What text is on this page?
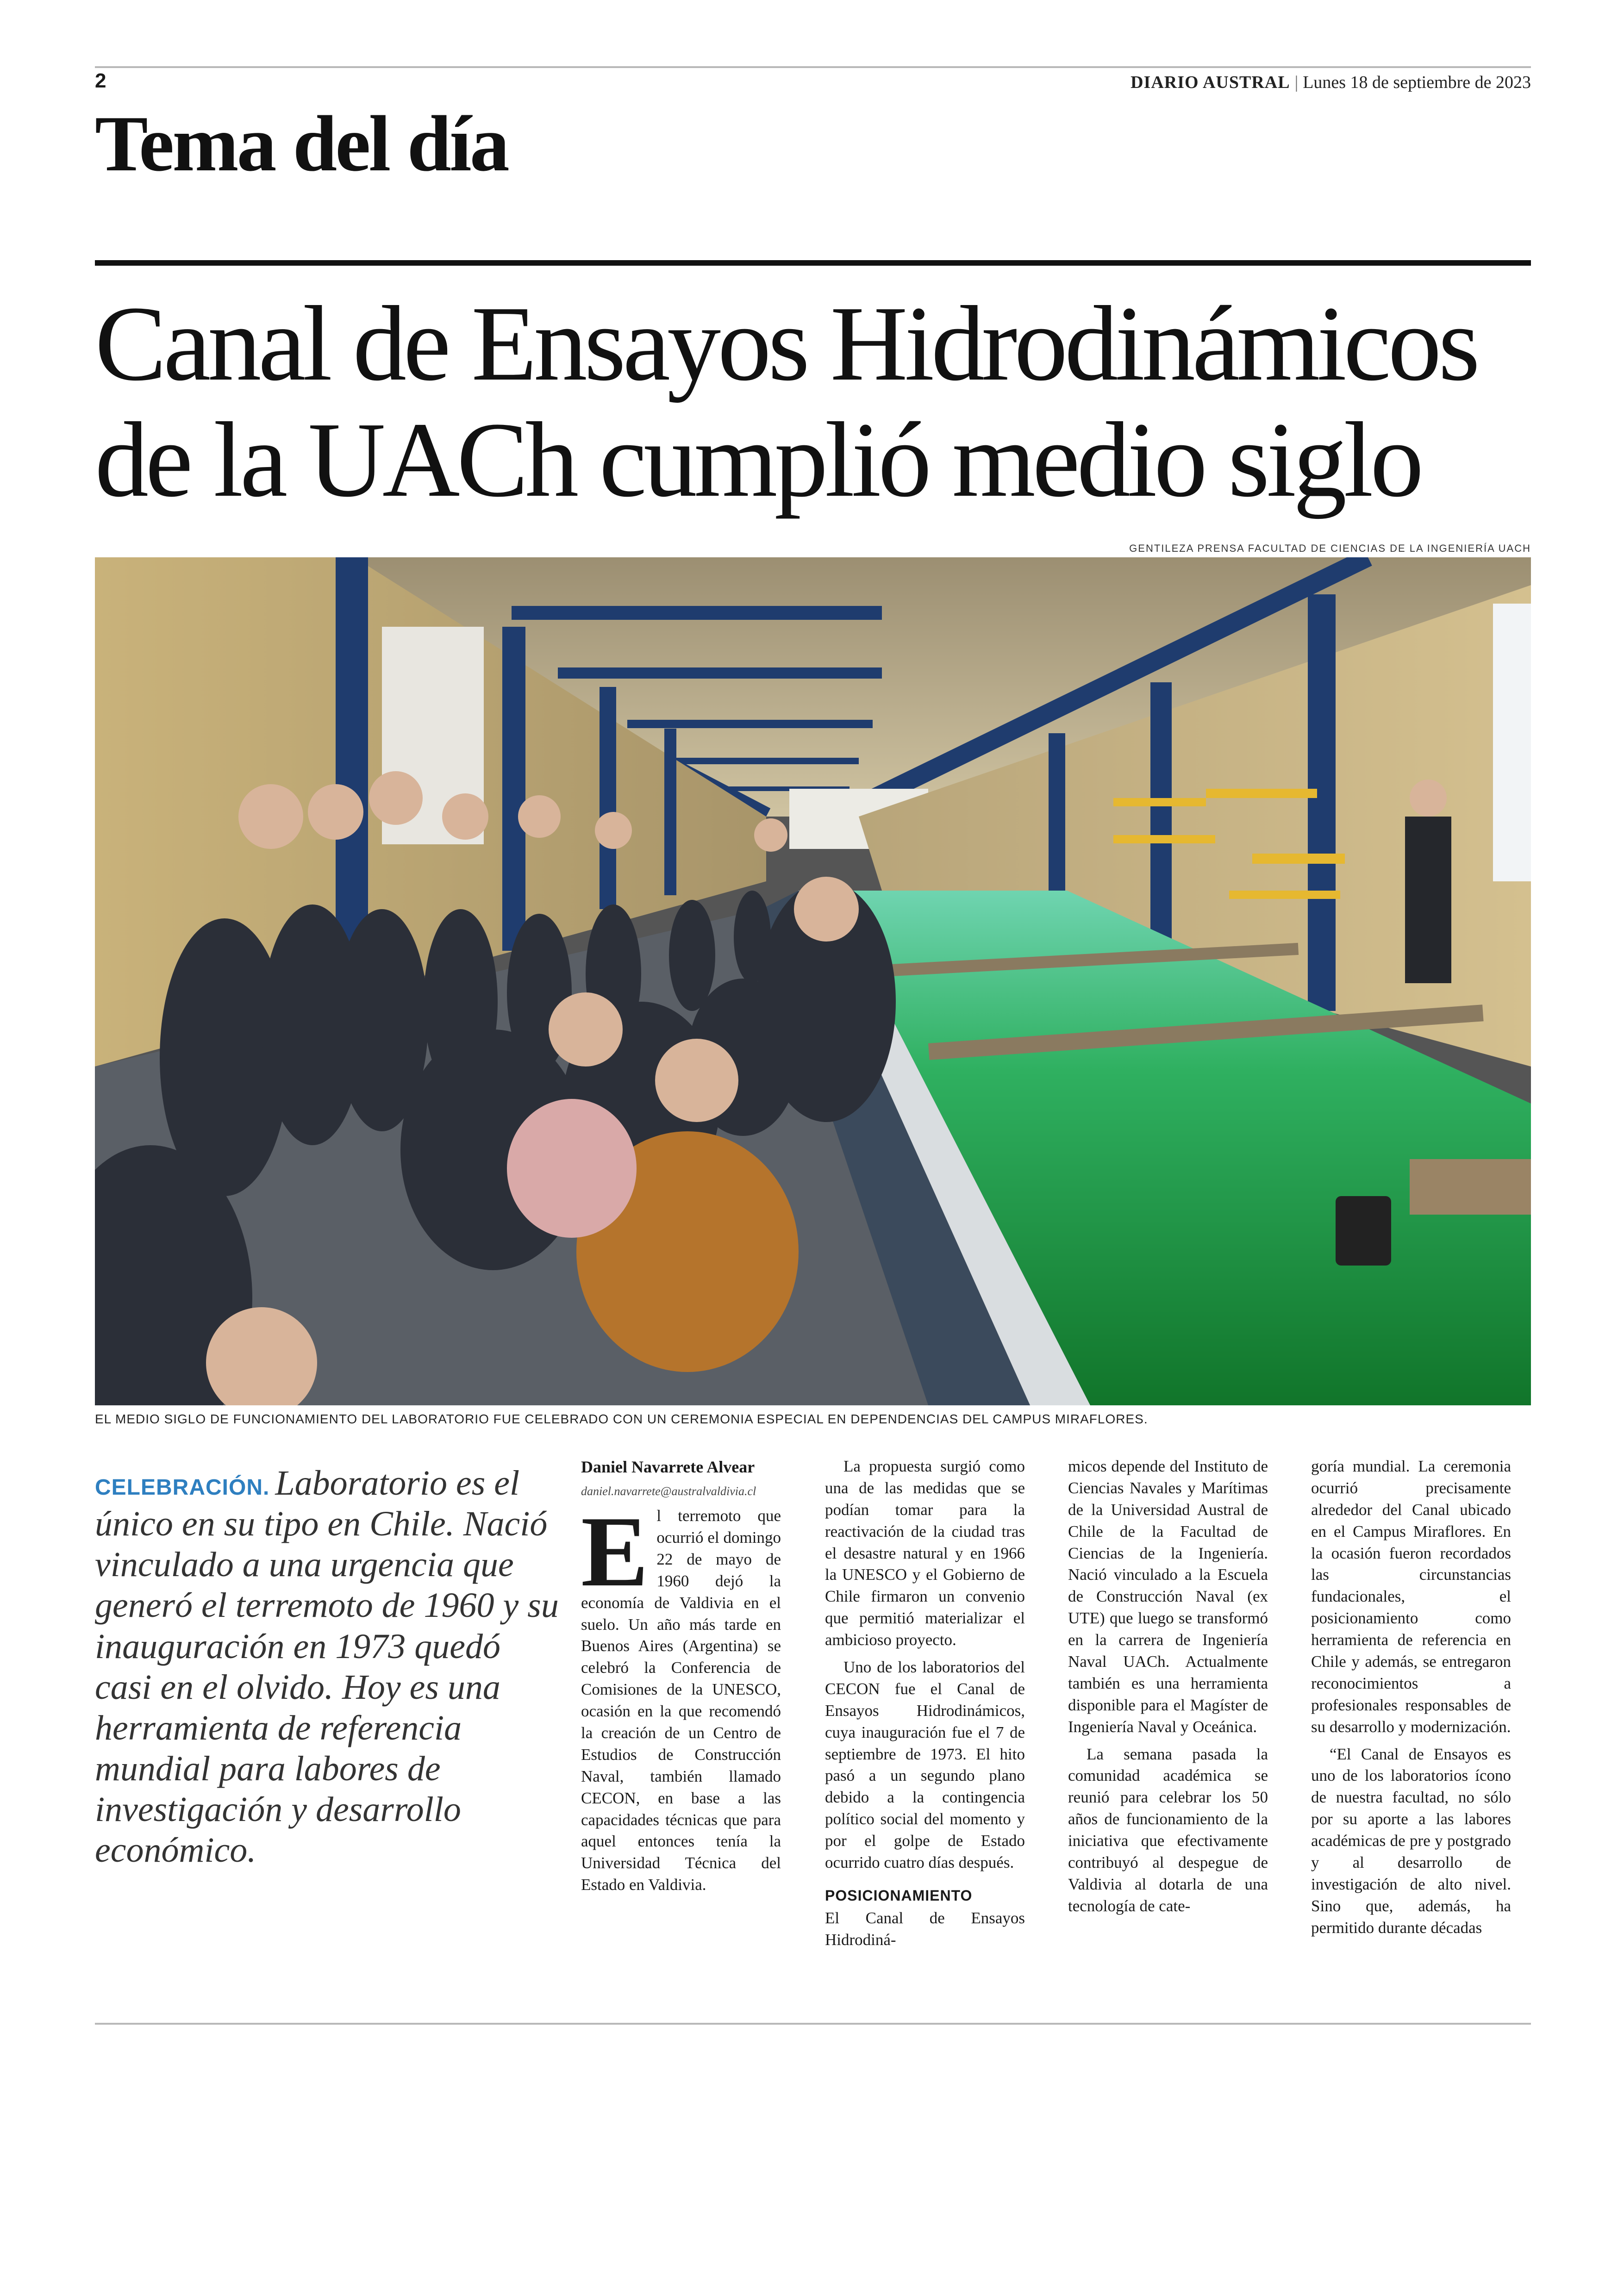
2	DIARIO AUSTRAL | Lunes 18 de septiembre de 2023
Tema del día
Canal de Ensayos Hidrodinámicos de la UACh cumplió medio siglo
GENTILEZA PRENSA FACULTAD DE CIENCIAS DE LA INGENIERÍA UACH
EL MEDIO SIGLO DE FUNCIONAMIENTO DEL LABORATORIO FUE CELEBRADO CON UN CEREMONIA ESPECIAL EN DEPENDENCIAS DEL CAMPUS MIRAFLORES.
CELEBRACIÓN. Laboratorio es el único en su tipo en Chile. Nació vinculado a una urgencia que generó el terremoto de 1960 y su inauguración en 1973 quedó casi en el olvido. Hoy es una herramienta de referencia mundial para labores de investigación y desarrollo económico.

Daniel Navarrete Alvear

daniel.navarrete@australvaldivia.cl

El terremoto que ocurrió el domingo 22 de mayo de 1960 dejó la economía de Valdivia en el suelo. Un año más tarde en Buenos Aires (Argentina) se celebró la Conferencia de Comisiones de la UNESCO, ocasión en la que recomendó la creación de un Centro de Estudios de Construcción Naval, también llamado CECON, en base a las capacidades técnicas que para aquel entonces tenía la Universidad Técnica del Estado en Valdivia.

La propuesta surgió como una de las medidas que se podían tomar para la reactivación de la ciudad tras el desastre natural y en 1966 la UNESCO y el Gobierno de Chile firmaron un convenio que permitió materializar el ambicioso proyecto.

Uno de los laboratorios del CECON fue el Canal de Ensayos Hidrodinámicos, cuya inauguración fue el 7 de septiembre de 1973. El hito pasó a un segundo plano debido a la contingencia político social del momento y por el golpe de Estado ocurrido cuatro días después.

POSICIONAMIENTO

El Canal de Ensayos Hidrodiná-

micos depende del Instituto de Ciencias Navales y Marítimas de la Universidad Austral de Chile de la Facultad de Ciencias de la Ingeniería. Nació vinculado a la Escuela de Construcción Naval (ex UTE) que luego se transformó en la carrera de Ingeniería Naval UACh. Actualmente también es una herramienta disponible para el Magíster de Ingeniería Naval y Oceánica.

La semana pasada la comunidad académica se reunió para celebrar los 50 años de funcionamiento de la iniciativa que efectivamente contribuyó al despegue de Valdivia al dotarla de una tecnología de cate-

goría mundial. La ceremonia ocurrió precisamente alrededor del Canal ubicado en el Campus Miraflores. En la ocasión fueron recordados las circunstancias fundacionales, el posicionamiento como herramienta de referencia en Chile y además, se entregaron reconocimientos a profesionales responsables de su desarrollo y modernización.

“El Canal de Ensayos es uno de los laboratorios ícono de nuestra facultad, no sólo por su aporte a las labores académicas de pre y postgrado y al desarrollo de investigación de alto nivel. Sino que, además, ha permitido durante décadas
